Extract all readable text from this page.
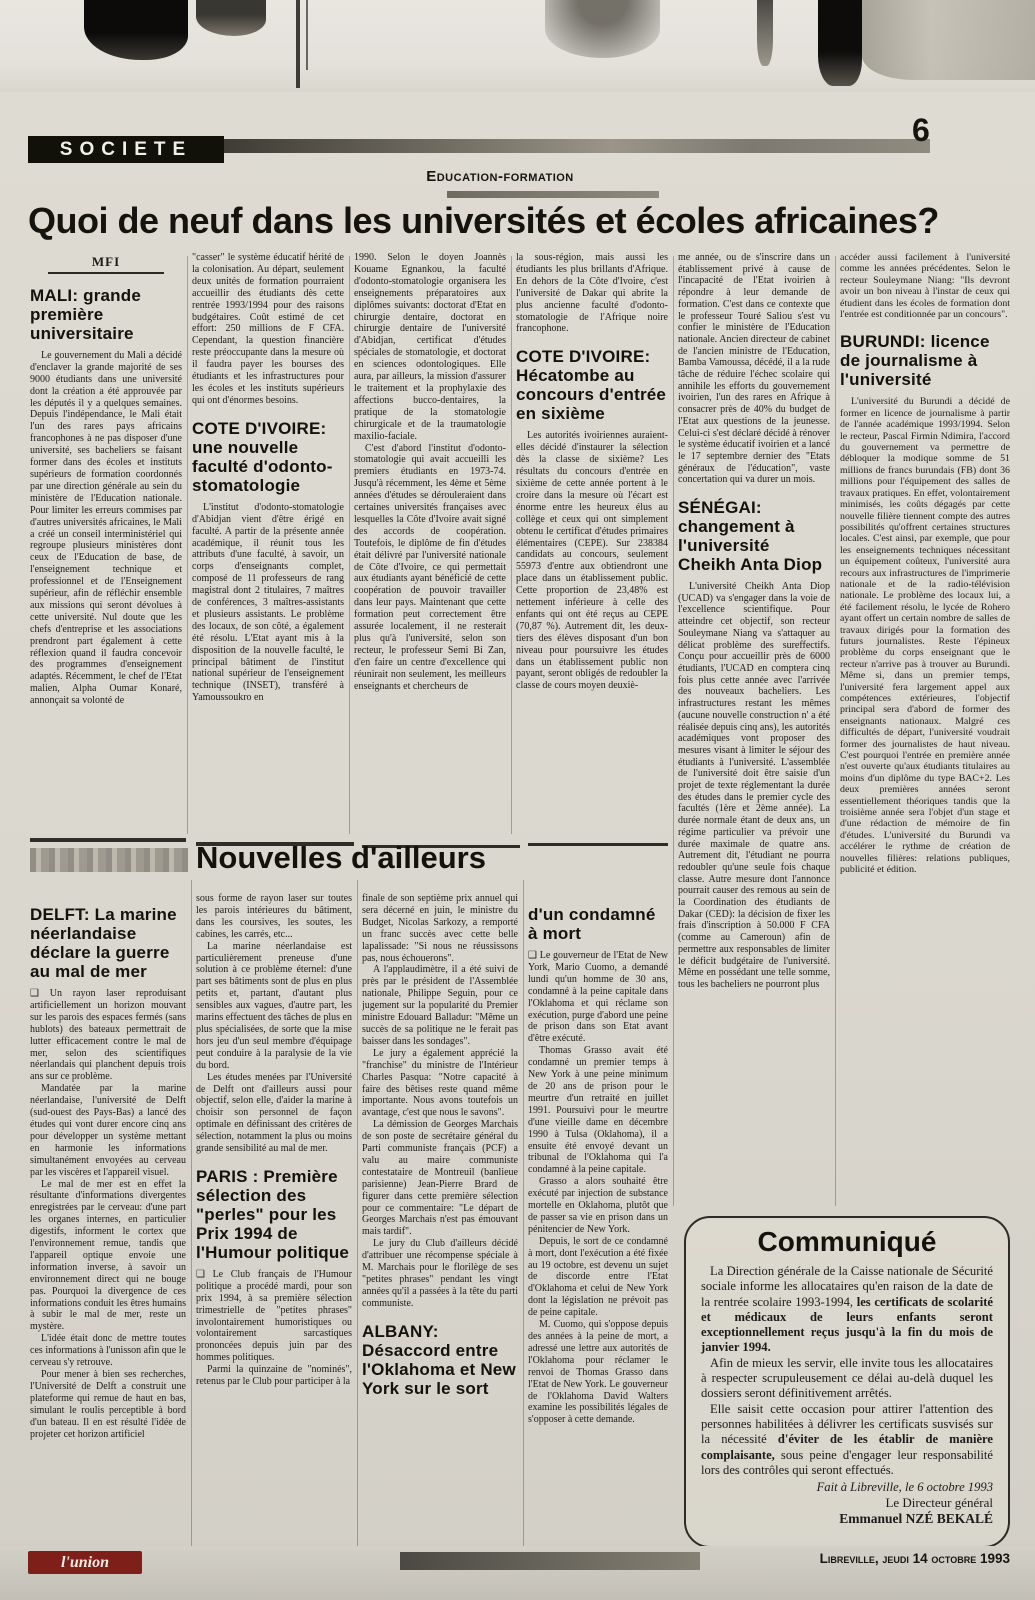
SOCIETE
6
Education-formation
Quoi de neuf dans les universités et écoles africaines?
MFI
MALI: grande première universitaire
Le gouvernement du Mali a décidé d'enclaver la grande majorité de ses 9000 étudiants dans une université dont la création a été approuvée par les députés il y a quelques semaines. Depuis l'indépendance, le Mali était l'un des rares pays africains francophones à ne pas disposer d'une université, ses bacheliers se faisant former dans des écoles et instituts supérieurs de formation coordonnés par une direction générale au sein du ministère de l'Education nationale. Pour limiter les erreurs commises par d'autres universités africaines, le Mali a créé un conseil interministériel qui regroupe plusieurs ministères dont ceux de l'Education de base, de l'enseignement technique et professionnel et de l'Enseignement supérieur, afin de réfléchir ensemble aux missions qui seront dévolues à cette université. Nul doute que les chefs d'entreprise et les associations prendront part également à cette réflexion quand il faudra concevoir des programmes d'enseignement adaptés. Récemment, le chef de l'Etat malien, Alpha Oumar Konaré, annonçait sa volonté de
"casser" le système éducatif hérité de la colonisation. Au départ, seulement deux unités de formation pourraient accueillir des étudiants dès cette rentrée 1993/1994 pour des raisons budgétaires. Coût estimé de cet effort: 250 millions de F CFA. Cependant, la question financière reste préoccupante dans la mesure où il faudra payer les bourses des étudiants et les infrastructures pour les écoles et les instituts supérieurs qui ont d'énormes besoins.
COTE D'IVOIRE: une nouvelle faculté d'odonto-stomatologie
L'institut d'odonto-stomatologie d'Abidjan vient d'être érigé en faculté. A partir de la présente année académique, il réunit tous les attributs d'une faculté, à savoir, un corps d'enseignants complet, composé de 11 professeurs de rang magistral dont 2 titulaires, 7 maîtres de conférences, 3 maîtres-assistants et plusieurs assistants. Le problème des locaux, de son côté, a également été résolu. L'Etat ayant mis à la disposition de la nouvelle faculté, le principal bâtiment de l'institut national supérieur de l'enseignement technique (INSET), transféré à Yamoussoukro en
1990. Selon le doyen Joannès Kouame Egnankou, la faculté d'odonto-stomatologie organisera les enseignements préparatoires aux diplômes suivants: doctorat d'Etat en chirurgie dentaire, doctorat en chirurgie dentaire de l'université d'Abidjan, certificat d'études spéciales de stomatologie, et doctorat en sciences odontologiques. Elle aura, par ailleurs, la mission d'assurer le traitement et la prophylaxie des affections bucco-dentaires, la pratique de la stomatologie chirurgicale et de la traumatologie maxilio-faciale.
C'est d'abord l'institut d'odonto-stomatologie qui avait accueilli les premiers étudiants en 1973-74. Jusqu'à récemment, les 4ème et 5ème années d'études se dérouleraient dans certaines universités françaises avec lesquelles la Côte d'Ivoire avait signé des accords de coopération. Toutefois, le diplôme de fin d'études était délivré par l'université nationale de Côte d'Ivoire, ce qui permettait aux étudiants ayant bénéficié de cette coopération de pouvoir travailler dans leur pays. Maintenant que cette formation peut correctement être assurée localement, il ne resterait plus qu'à l'université, selon son recteur, le professeur Semi Bi Zan, d'en faire un centre d'excellence qui réunirait non seulement, les meilleurs enseignants et chercheurs de
la sous-région, mais aussi les étudiants les plus brillants d'Afrique. En dehors de la Côte d'Ivoire, c'est l'université de Dakar qui abrite la plus ancienne faculté d'odonto-stomatologie de l'Afrique noire francophone.
COTE D'IVOIRE: Hécatombe au concours d'entrée en sixième
Les autorités ivoiriennes auraient-elles décidé d'instaurer la sélection dès la classe de sixième? Les résultats du concours d'entrée en sixième de cette année portent à le croire dans la mesure où l'écart est énorme entre les heureux élus au collège et ceux qui ont simplement obtenu le certificat d'études primaires élémentaires (CEPE). Sur 238384 candidats au concours, seulement 55973 d'entre aux obtiendront une place dans un établissement public. Cette proportion de 23,48% est nettement inférieure à celle des enfants qui ont été reçus au CEPE (70,87 %). Autrement dit, les deux-tiers des élèves disposant d'un bon niveau pour poursuivre les études dans un établissement public non payant, seront obligés de redoubler la classe de cours moyen deuxiè-
me année, ou de s'inscrire dans un établissement privé à cause de l'incapacité de l'Etat ivoirien à répondre à leur demande de formation. C'est dans ce contexte que le professeur Touré Saliou s'est vu confier le ministère de l'Education nationale. Ancien directeur de cabinet de l'ancien ministre de l'Education, Bamba Vamoussa, décédé, il a la rude tâche de réduire l'échec scolaire qui annihile les efforts du gouvernement ivoirien, l'un des rares en Afrique à consacrer près de 40% du budget de l'Etat aux questions de la jeunesse. Celui-ci s'est déclaré décidé à rénover le système éducatif ivoirien et a lancé le 17 septembre dernier des "Etats généraux de l'éducation", vaste concertation qui va durer un mois.
SÉNÉGAI: changement à l'université Cheikh Anta Diop
L'université Cheikh Anta Diop (UCAD) va s'engager dans la voie de l'excellence scientifique. Pour atteindre cet objectif, son recteur Souleymane Niang va s'attaquer au délicat problème des sureffectifs. Conçu pour accueillir près de 6000 étudiants, l'UCAD en comptera cinq fois plus cette année avec l'arrivée des nouveaux bacheliers. Les infrastructures restant les mêmes (aucune nouvelle construction n' a été réalisée depuis cinq ans), les autorités académiques vont proposer des mesures visant à limiter le séjour des étudiants à l'université. L'assemblée de l'université doit être saisie d'un projet de texte réglementant la durée des études dans le premier cycle des facultés (1ère et 2ème année). La durée normale étant de deux ans, un régime particulier va prévoir une durée maximale de quatre ans. Autrement dit, l'étudiant ne pourra redoubler qu'une seule fois chaque classe. Autre mesure dont l'annonce pourrait causer des remous au sein de la Coordination des étudiants de Dakar (CED): la décision de fixer les frais d'inscription à 50.000 F CFA (comme au Cameroun) afin de permettre aux responsables de limiter le déficit budgétaire de l'université. Même en possédant une telle somme, tous les bacheliers ne pourront plus
accéder aussi facilement à l'université comme les années précédentes. Selon le recteur Souleymane Niang: "Ils devront avoir un bon niveau à l'instar de ceux qui étudient dans les écoles de formation dont l'entrée est conditionnée par un concours".
BURUNDI: licence de journalisme à l'université
L'université du Burundi a décidé de former en licence de journalisme à partir de l'année académique 1993/1994. Selon le recteur, Pascal Firmin Ndimira, l'accord du gouvernement va permettre de débloquer la modique somme de 51 millions de francs burundais (FB) dont 36 millions pour l'équipement des salles de travaux pratiques. En effet, volontairement minimisés, les coûts dégagés par cette nouvelle filière tiennent compte des autres possibilités qu'offrent certaines structures locales. C'est ainsi, par exemple, que pour les enseignements techniques nécessitant un équipement coûteux, l'université aura recours aux infrastructures de l'imprimerie nationale et de la radio-télévision nationale. Le problème des locaux lui, a été facilement résolu, le lycée de Rohero ayant offert un certain nombre de salles de travaux dirigés pour la formation des futurs journalistes. Reste l'épineux problème du corps enseignant que le recteur n'arrive pas à trouver au Burundi. Même si, dans un premier temps, l'université fera largement appel aux compétences extérieures, l'objectif principal sera d'abord de former des enseignants nationaux. Malgré ces difficultés de départ, l'université voudrait former des journalistes de haut niveau. C'est pourquoi l'entrée en première année n'est ouverte qu'aux étudiants titulaires au moins d'un diplôme du type BAC+2. Les deux premières années seront essentiellement théoriques tandis que la troisième année sera l'objet d'un stage et d'une rédaction de mémoire de fin d'études. L'université du Burundi va accélérer le rythme de création de nouvelles filières: relations publiques, publicité et édition.
Nouvelles d'ailleurs
DELFT: La marine néerlandaise déclare la guerre au mal de mer
❑ Un rayon laser reproduisant artificiellement un horizon mouvant sur les parois des espaces fermés (sans hublots) des bateaux permettrait de lutter efficacement contre le mal de mer, selon des scientifiques néerlandais qui planchent depuis trois ans sur ce problème.
Mandatée par la marine néerlandaise, l'université de Delft (sud-ouest des Pays-Bas) a lancé des études qui vont durer encore cinq ans pour développer un système mettant en harmonie les informations simultanément envoyées au cerveau par les viscères et l'appareil visuel.
Le mal de mer est en effet la résultante d'informations divergentes enregistrées par le cerveau: d'une part les organes internes, en particulier digestifs, informent le cortex que l'environnement remue, tandis que l'appareil optique envoie une information inverse, à savoir un environnement direct qui ne bouge pas. Pourquoi la divergence de ces informations conduit les êtres humains à subir le mal de mer, reste un mystère.
L'idée était donc de mettre toutes ces informations à l'unisson afin que le cerveau s'y retrouve.
Pour mener à bien ses recherches, l'Université de Delft a construit une plateforme qui remue de haut en bas, simulant le roulis perceptible à bord d'un bateau. Il en est résulté l'idée de projeter cet horizon artificiel
sous forme de rayon laser sur toutes les parois intérieures du bâtiment, dans les coursives, les soutes, les cabines, les carrés, etc...
La marine néerlandaise est particulièrement preneuse d'une solution à ce problème éternel: d'une part ses bâtiments sont de plus en plus petits et, partant, d'autant plus sensibles aux vagues, d'autre part, les marins effectuent des tâches de plus en plus spécialisées, de sorte que la mise hors jeu d'un seul membre d'équipage peut conduire à la paralysie de la vie du bord.
Les études menées par l'Université de Delft ont d'ailleurs aussi pour objectif, selon elle, d'aider la marine à choisir son personnel de façon optimale en définissant des critères de sélection, notamment la plus ou moins grande sensibilité au mal de mer.
PARIS : Première sélection des "perles" pour les Prix 1994 de l'Humour politique
❑ Le Club français de l'Humour politique a procédé mardi, pour son prix 1994, à sa première sélection trimestrielle de "petites phrases" involontairement humoristiques ou volontairement sarcastiques prononcées depuis juin par des hommes politiques.
Parmi la quinzaine de "nominés", retenus par le Club pour participer à la
finale de son septième prix annuel qui sera décerné en juin, le ministre du Budget, Nicolas Sarkozy, a remporté un franc succès avec cette belle lapalissade: "Si nous ne réussissons pas, nous échouerons".
A l'applaudimètre, il a été suivi de près par le président de l'Assemblée nationale, Philippe Seguin, pour ce jugement sur la popularité du Premier ministre Edouard Balladur: "Même un succès de sa politique ne le ferait pas baisser dans les sondages".
Le jury a également apprécié la "franchise" du ministre de l'Intérieur Charles Pasqua: "Notre capacité à faire des bêtises reste quand même importante. Nous avons toutefois un avantage, c'est que nous le savons".
La démission de Georges Marchais de son poste de secrétaire général du Parti communiste français (PCF) a valu au maire communiste contestataire de Montreuil (banlieue parisienne) Jean-Pierre Brard de figurer dans cette première sélection pour ce commentaire: "Le départ de Georges Marchais n'est pas émouvant mais tardif".
Le jury du Club d'ailleurs décidé d'attribuer une récompense spéciale à M. Marchais pour le florilège de ses "petites phrases" pendant les vingt années qu'il a passées à la tête du parti communiste.
ALBANY: Désaccord entre l'Oklahoma et New York sur le sort
d'un condamné à mort
❑ Le gouverneur de l'Etat de New York, Mario Cuomo, a demandé lundi qu'un homme de 30 ans, condamné à la peine capitale dans l'Oklahoma et qui réclame son exécution, purge d'abord une peine de prison dans son Etat avant d'être exécuté.
Thomas Grasso avait été condamné un premier temps à New York à une peine minimum de 20 ans de prison pour le meurtre d'un retraité en juillet 1991. Poursuivi pour le meurtre d'une vieille dame en décembre 1990 à Tulsa (Oklahoma), il a ensuite été envoyé devant un tribunal de l'Oklahoma qui l'a condamné à la peine capitale.
Grasso a alors souhaité être exécuté par injection de substance mortelle en Oklahoma, plutôt que de passer sa vie en prison dans un pénitencier de New York.
Depuis, le sort de ce condamné à mort, dont l'exécution a été fixée au 19 octobre, est devenu un sujet de discorde entre l'Etat d'Oklahoma et celui de New York dont la législation ne prévoit pas de peine capitale.
M. Cuomo, qui s'oppose depuis des années à la peine de mort, a adressé une lettre aux autorités de l'Oklahoma pour réclamer le renvoi de Thomas Grasso dans l'Etat de New York. Le gouverneur de l'Oklahoma David Walters examine les possibilités légales de s'opposer à cette demande.
Communiqué
La Direction générale de la Caisse nationale de Sécurité sociale informe les allocataires qu'en raison de la date de la rentrée scolaire 1993-1994, les certificats de scolarité et médicaux de leurs enfants seront exceptionnellement reçus jusqu'à la fin du mois de janvier 1994.
Afin de mieux les servir, elle invite tous les allocataires à respecter scrupuleusement ce délai au-delà duquel les dossiers seront définitivement arrêtés.
Elle saisit cette occasion pour attirer l'attention des personnes habilitées à délivrer les certificats susvisés sur la nécessité d'éviter de les établir de manière complaisante, sous peine d'engager leur responsabilité lors des contrôles qui seront effectués.
Fait à Libreville, le 6 octobre 1993
Le Directeur général
Emmanuel NZÉ BEKALÉ
l'union	Libreville, jeudi 14 octobre 1993
